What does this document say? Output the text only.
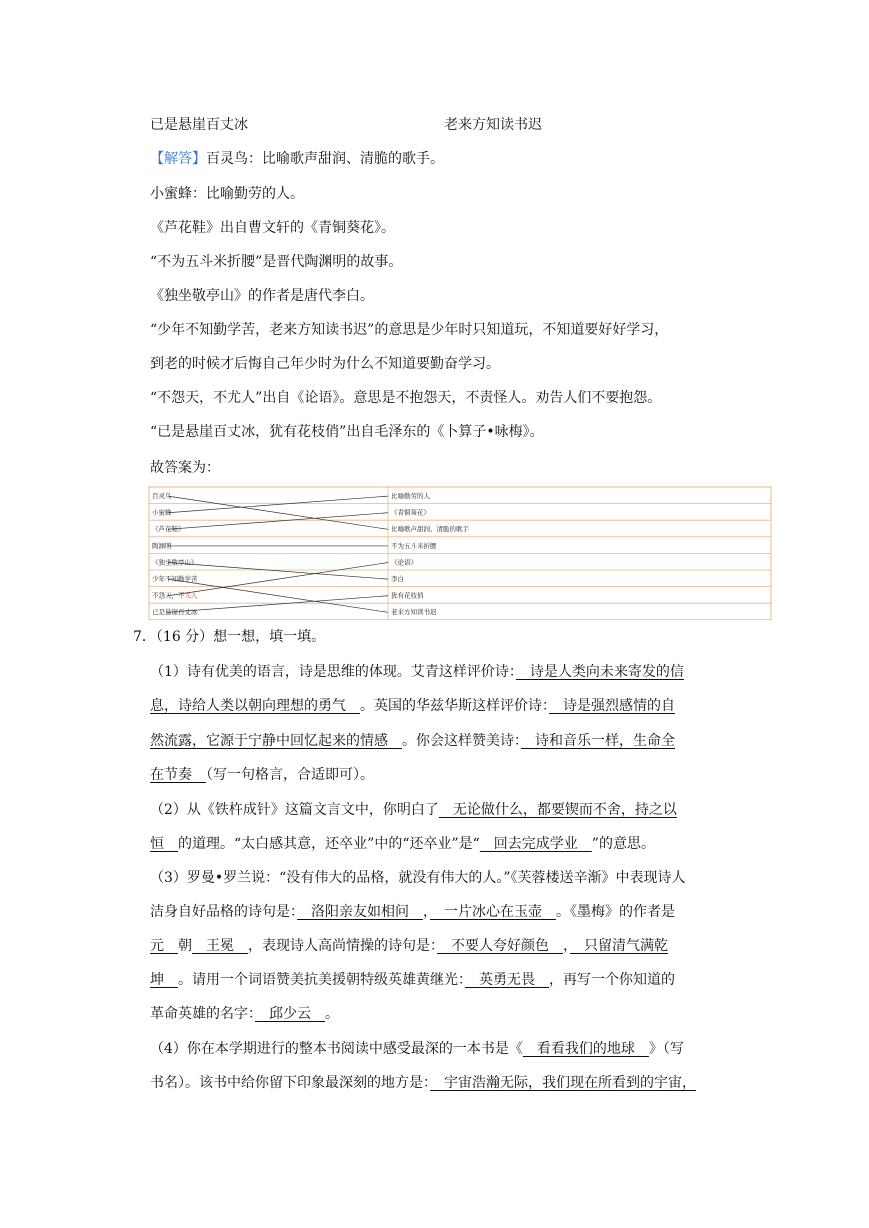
已是悬崖百丈冰	老来方知读书迟
【解答】百灵鸟：比喻歌声甜润、清脆的歌手。
小蜜蜂：比喻勤劳的人。
《芦花鞋》出自曹文轩的《青铜葵花》。
“不为五斗米折腰”是晋代陶渊明的故事。
《独坐敬亭山》的作者是唐代李白。
“少年不知勤学苦，老来方知读书迟”的意思是少年时只知道玩，不知道要好好学习，
到老的时候才后悔自己年少时为什么不知道要勤奋学习。
“不怨天，不尤人”出自《论语》。意思是不抱怨天，不责怪人。劝告人们不要抱怨。
“已是悬崖百丈冰，犹有花枝俏”出自毛泽东的《卜算子•咏梅》。
故答案为：
百灵鸟
小蜜蜂
《芦花鞋》
陶渊明
《独坐敬亭山》
少年不知勤学苦
不怨天，不尤人
已是悬崖百丈冰
比喻勤劳的人
《青铜葵花》
比喻歌声甜润、清脆的歌手
不为五斗米折腰
《论语》
李白
犹有花枝俏
老来方知读书迟
7．（16 分）想一想，填一填。
（1）诗有优美的语言，诗是思维的体现。艾青这样评价诗：　诗是人类向未来寄发的信
息，诗给人类以朝向理想的勇气　。英国的华兹华斯这样评价诗：　诗是强烈感情的自
然流露，它源于宁静中回忆起来的情感　。你会这样赞美诗：　诗和音乐一样，生命全
在节奏　（写一句格言，合适即可）。
（2）从《铁杵成针》这篇文言文中，你明白了　无论做什么，都要锲而不舍，持之以
恒　的道理。“太白感其意，还卒业”中的“还卒业”是“　回去完成学业　”的意思。
（3）罗曼•罗兰说：“没有伟大的品格，就没有伟大的人。”《芙蓉楼送辛渐》中表现诗人
洁身自好品格的诗句是：　洛阳亲友如相问　，　一片冰心在玉壶　。《墨梅》的作者是
元　朝　王冕　，表现诗人高尚情操的诗句是：　不要人夸好颜色　，　只留清气满乾
坤　。请用一个词语赞美抗美援朝特级英雄黄继光：　英勇无畏　，再写一个你知道的
革命英雄的名字：　邱少云　。
（4）你在本学期进行的整本书阅读中感受最深的一本书是《　看看我们的地球　》（写
书名）。该书中给你留下印象最深刻的地方是：　宇宙浩瀚无际，我们现在所看到的宇宙，
